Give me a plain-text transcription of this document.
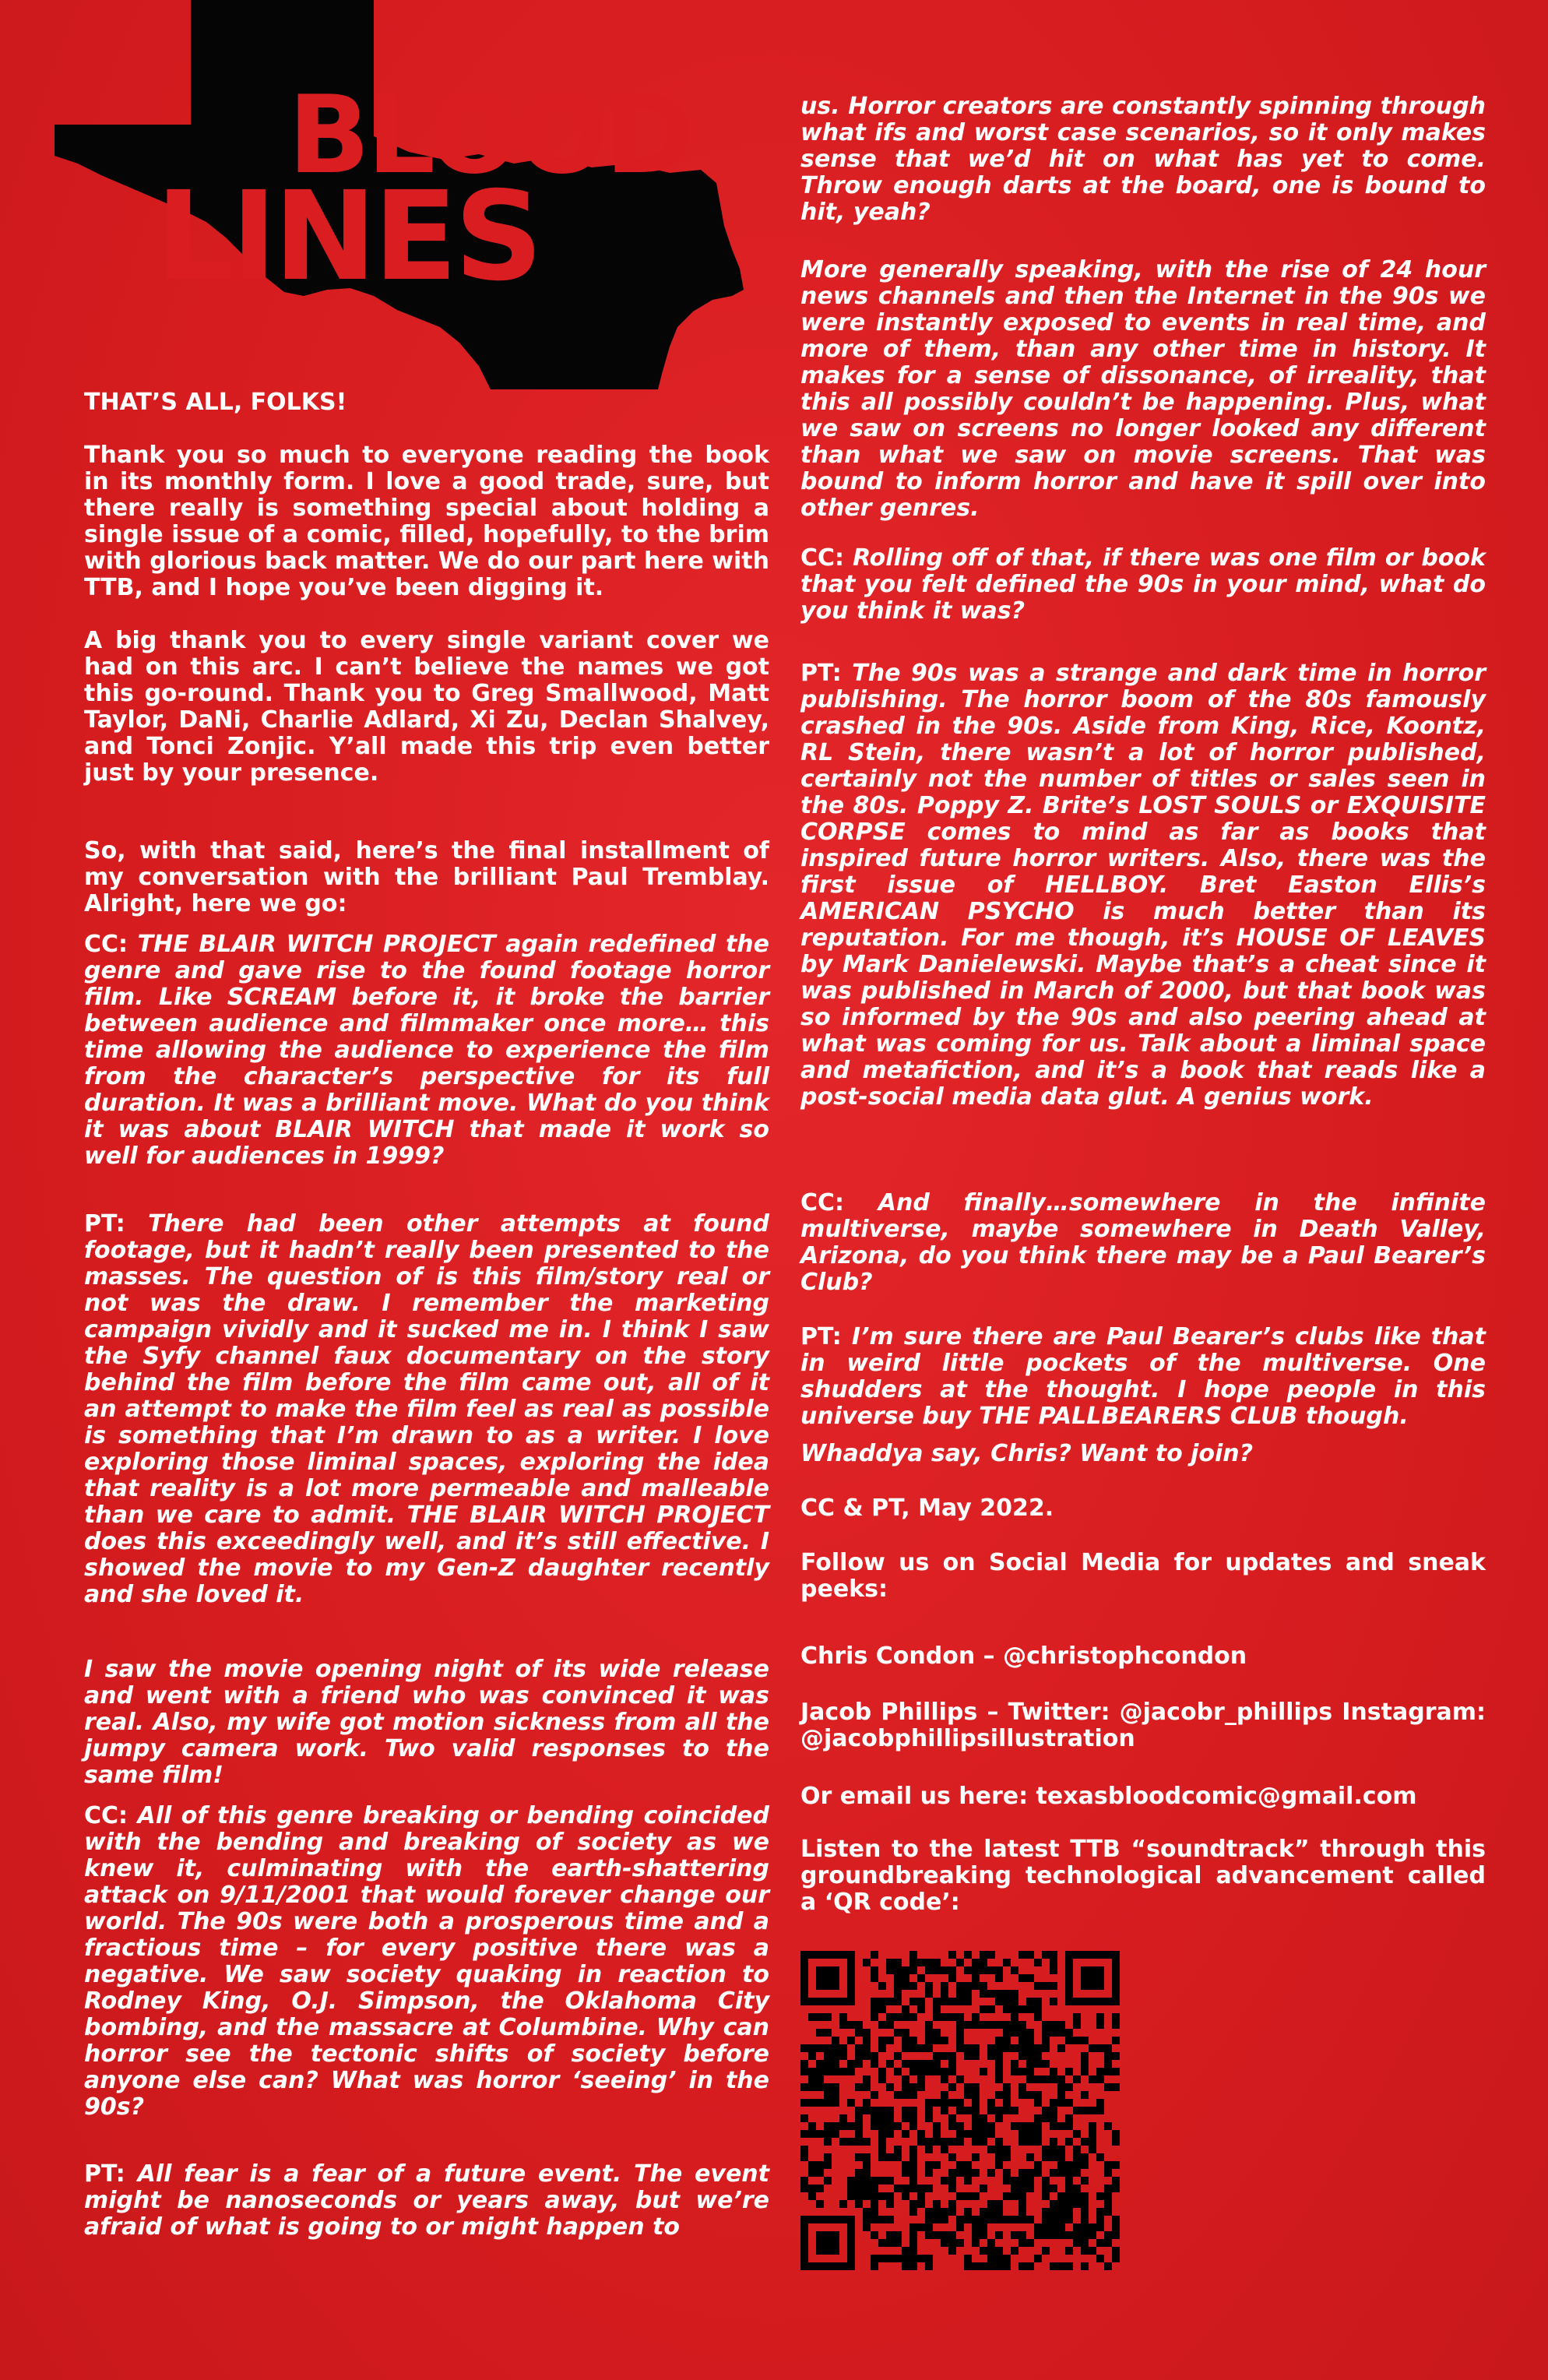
BLOOD
LINES

THAT’S ALL, FOLKS!

Thank you so much to everyone reading the book in its monthly form. I love a good trade, sure, but there really is something special about holding a single issue of a comic, filled, hopefully, to the brim with glorious back matter. We do our part here with TTB, and I hope you’ve been digging it.

A big thank you to every single variant cover we had on this arc. I can’t believe the names we got this go-round. Thank you to Greg Smallwood, Matt Taylor, DaNi, Charlie Adlard, Xi Zu, Declan Shalvey, and Tonci Zonjic. Y’all made this trip even better just by your presence.

So, with that said, here’s the final installment of my conversation with the brilliant Paul Tremblay. Alright, here we go:

CC: THE BLAIR WITCH PROJECT again redefined the genre and gave rise to the found footage horror film. Like SCREAM before it, it broke the barrier between audience and filmmaker once more… this time allowing the audience to experience the film from the character’s perspective for its full duration. It was a brilliant move. What do you think it was about BLAIR WITCH that made it work so well for audiences in 1999?

PT: There had been other attempts at found footage, but it hadn’t really been presented to the masses. The question of is this film/story real or not was the draw. I remember the marketing campaign vividly and it sucked me in. I think I saw the Syfy channel faux documentary on the story behind the film before the film came out, all of it an attempt to make the film feel as real as possible is something that I’m drawn to as a writer. I love exploring those liminal spaces, exploring the idea that reality is a lot more permeable and malleable than we care to admit. THE BLAIR WITCH PROJECT does this exceedingly well, and it’s still effective. I showed the movie to my Gen-Z daughter recently and she loved it.

I saw the movie opening night of its wide release and went with a friend who was convinced it was real. Also, my wife got motion sickness from all the jumpy camera work. Two valid responses to the same film!

CC: All of this genre breaking or bending coincided with the bending and breaking of society as we knew it, culminating with the earth-shattering attack on 9/11/2001 that would forever change our world. The 90s were both a prosperous time and a fractious time – for every positive there was a negative. We saw society quaking in reaction to Rodney King, O.J. Simpson, the Oklahoma City bombing, and the massacre at Columbine. Why can horror see the tectonic shifts of society before anyone else can? What was horror ‘seeing’ in the 90s?

PT: All fear is a fear of a future event. The event might be nanoseconds or years away, but we’re afraid of what is going to or might happen to

us. Horror creators are constantly spinning through what ifs and worst case scenarios, so it only makes sense that we’d hit on what has yet to come. Throw enough darts at the board, one is bound to hit, yeah?

More generally speaking, with the rise of 24 hour news channels and then the Internet in the 90s we were instantly exposed to events in real time, and more of them, than any other time in history. It makes for a sense of dissonance, of irreality, that this all possibly couldn’t be happening. Plus, what we saw on screens no longer looked any different than what we saw on movie screens. That was bound to inform horror and have it spill over into other genres.

CC: Rolling off of that, if there was one film or book that you felt defined the 90s in your mind, what do you think it was?

PT: The 90s was a strange and dark time in horror publishing. The horror boom of the 80s famously crashed in the 90s. Aside from King, Rice, Koontz, RL Stein, there wasn’t a lot of horror published, certainly not the number of titles or sales seen in the 80s. Poppy Z. Brite’s LOST SOULS or EXQUISITE CORPSE comes to mind as far as books that inspired future horror writers. Also, there was the first issue of HELLBOY. Bret Easton Ellis’s AMERICAN PSYCHO is much better than its reputation. For me though, it’s HOUSE OF LEAVES by Mark Danielewski. Maybe that’s a cheat since it was published in March of 2000, but that book was so informed by the 90s and also peering ahead at what was coming for us. Talk about a liminal space and metafiction, and it’s a book that reads like a post-social media data glut. A genius work.

CC: And finally…somewhere in the infinite multiverse, maybe somewhere in Death Valley, Arizona, do you think there may be a Paul Bearer’s Club?

PT: I’m sure there are Paul Bearer’s clubs like that in weird little pockets of the multiverse. One shudders at the thought. I hope people in this universe buy THE PALLBEARERS CLUB though.

Whaddya say, Chris? Want to join?

CC & PT, May 2022.

Follow us on Social Media for updates and sneak peeks:

Chris Condon – @christophcondon

Jacob Phillips – Twitter: @jacobr_phillips Instagram: @jacobphillipsillustration

Or email us here: texasbloodcomic@gmail.com

Listen to the latest TTB “soundtrack” through this groundbreaking technological advancement called a ‘QR code’:
